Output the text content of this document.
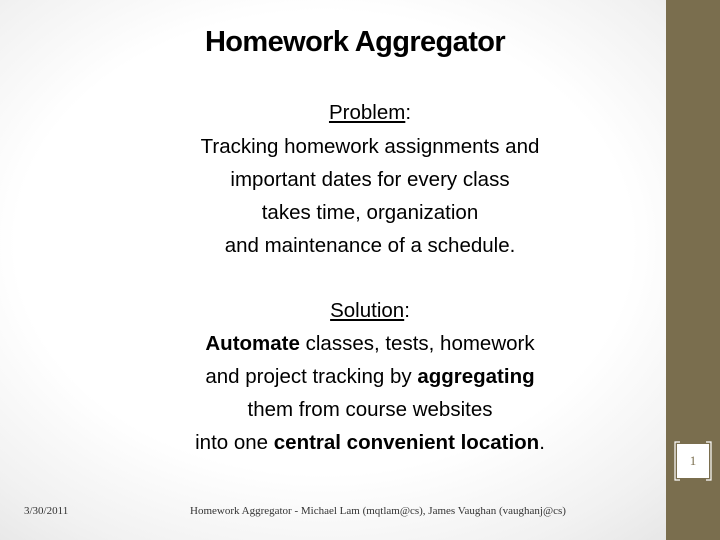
Homework Aggregator
Problem:
Tracking homework assignments and
important dates for every class
takes time, organization
and maintenance of a schedule.
Solution:
Automate classes, tests, homework
and project tracking by aggregating
them from course websites
into one central convenient location.
1
3/30/2011	Homework Aggregator - Michael Lam (mqtlam@cs), James Vaughan (vaughanj@cs)
